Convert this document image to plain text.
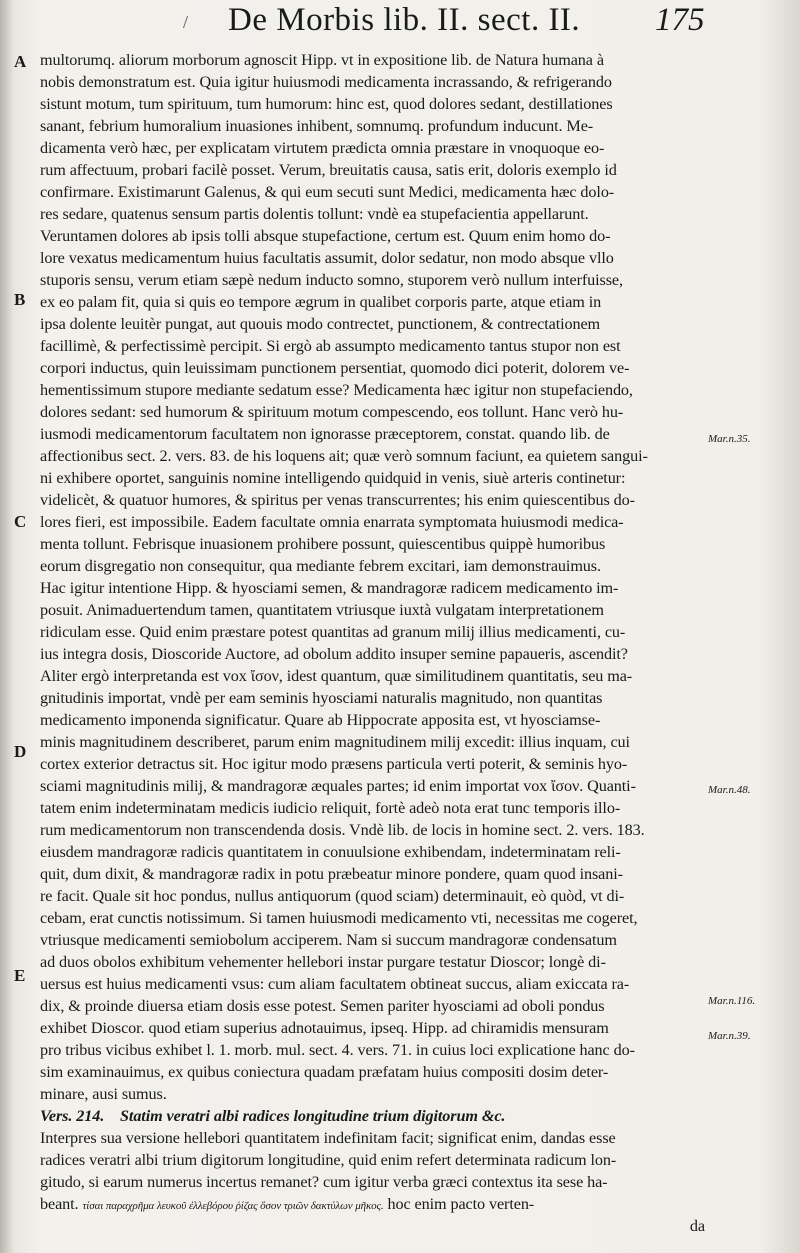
/ De Morbis lib. II. sect. II. 175
A
B
C
D
E
Mar.n.35.
Mar.n.48.
Mar.n.116.
Mar.n.39.
multorumq. aliorum morborum agnoscit Hipp. vt in expositione lib. de Natura humana à
nobis demonstratum est. Quia igitur huiusmodi medicamenta incrassando, & refrigerando
sistunt motum, tum spirituum, tum humorum: hinc est, quod dolores sedant, destillationes
sanant, febrium humoralium inuasiones inhibent, somnumq. profundum inducunt. Me-
dicamenta verò hæc, per explicatam virtutem prædicta omnia præstare in vnoquoque eo-
rum affectuum, probari facilè posset. Verum, breuitatis causa, satis erit, doloris exemplo id
confirmare. Existimarunt Galenus, & qui eum secuti sunt Medici, medicamenta hæc dolo-
res sedare, quatenus sensum partis dolentis tollunt: vndè ea stupefacientia appellarunt.
Veruntamen dolores ab ipsis tolli absque stupefactione, certum est. Quum enim homo do-
lore vexatus medicamentum huius facultatis assumit, dolor sedatur, non modo absque vllo
stuporis sensu, verum etiam sæpè nedum inducto somno, stuporem verò nullum interfuisse,
ex eo palam fit, quia si quis eo tempore ægrum in qualibet corporis parte, atque etiam in
ipsa dolente leuitèr pungat, aut quouis modo contrectet, punctionem, & contrectationem
facillimè, & perfectissimè percipit. Si ergò ab assumpto medicamento tantus stupor non est
corpori inductus, quin leuissimam punctionem persentiat, quomodo dici poterit, dolorem ve-
hementissimum stupore mediante sedatum esse? Medicamenta hæc igitur non stupefaciendo,
dolores sedant: sed humorum & spirituum motum compescendo, eos tollunt. Hanc verò hu-
iusmodi medicamentorum facultatem non ignorasse præceptorem, constat. quando lib. de
affectionibus sect. 2. vers. 83. de his loquens ait; quæ verò somnum faciunt, ea quietem sangui-
ni exhibere oportet, sanguinis nomine intelligendo quidquid in venis, siuè arteris continetur:
videlicèt, & quatuor humores, & spiritus per venas transcurrentes; his enim quiescentibus do-
lores fieri, est impossibile. Eadem facultate omnia enarrata symptomata huiusmodi medica-
menta tollunt. Febrisque inuasionem prohibere possunt, quiescentibus quippè humoribus
eorum disgregatio non consequitur, qua mediante febrem excitari, iam demonstrauimus.
Hac igitur intentione Hipp. & hyosciami semen, & mandragoræ radicem medicamento im-
posuit. Animaduertendum tamen, quantitatem vtriusque iuxtà vulgatam interpretationem
ridiculam esse. Quid enim præstare potest quantitas ad granum milij illius medicamenti, cu-
ius integra dosis, Dioscoride Auctore, ad obolum addito insuper semine papaueris, ascendit?
Aliter ergò interpretanda est vox ἴσον, idest quantum, quæ similitudinem quantitatis, seu ma-
gnitudinis importat, vndè per eam seminis hyosciami naturalis magnitudo, non quantitas
medicamento imponenda significatur. Quare ab Hippocrate apposita est, vt hyosciamse-
minis magnitudinem describeret, parum enim magnitudinem milij excedit: illius inquam, cui
cortex exterior detractus sit. Hoc igitur modo præsens particula verti poterit, & seminis hyo-
sciami magnitudinis milij, & mandragoræ æquales partes; id enim importat vox ἴσον. Quanti-
tatem enim indeterminatam medicis iudicio reliquit, fortè adeò nota erat tunc temporis illo-
rum medicamentorum non transcendenda dosis. Vndè lib. de locis in homine sect. 2. vers. 183.
eiusdem mandragoræ radicis quantitatem in conuulsione exhibendam, indeterminatam reli-
quit, dum dixit, & mandragoræ radix in potu præbeatur minore pondere, quam quod insani-
re facit. Quale sit hoc pondus, nullus antiquorum (quod sciam) determinauit, eò quòd, vt di-
cebam, erat cunctis notissimum. Si tamen huiusmodi medicamento vti, necessitas me cogeret,
vtriusque medicamenti semiobolum acciperem. Nam si succum mandragoræ condensatum
ad duos obolos exhibitum vehementer hellebori instar purgare testatur Dioscor; longè di-
uersus est huius medicamenti vsus: cum aliam facultatem obtineat succus, aliam exiccata ra-
dix, & proinde diuersa etiam dosis esse potest. Semen pariter hyosciami ad oboli pondus
exhibet Dioscor. quod etiam superius adnotauimus, ipseq. Hipp. ad chiramidis mensuram
pro tribus vicibus exhibet l. 1. morb. mul. sect. 4. vers. 71. in cuius loci explicatione hanc do-
sim examinauimus, ex quibus coniectura quadam præfatam huius compositi dosim deter-
minare, ausi sumus.
Vers. 214. Statim veratri albi radices longitudine trium digitorum &c.
Interpres sua versione hellebori quantitatem indefinitam facit; significat enim, dandas esse
radices veratri albi trium digitorum longitudine, quid enim refert determinata radicum lon-
gitudo, si earum numerus incertus remanet? cum igitur verba græci contextus ita sese ha-
beant. τίσαι παραχρῆμα λευκοῦ ἐλλεβόρου ῥίζας ὅσον τριῶν δακτύλων μῆκος. hoc enim pacto verten-
da
